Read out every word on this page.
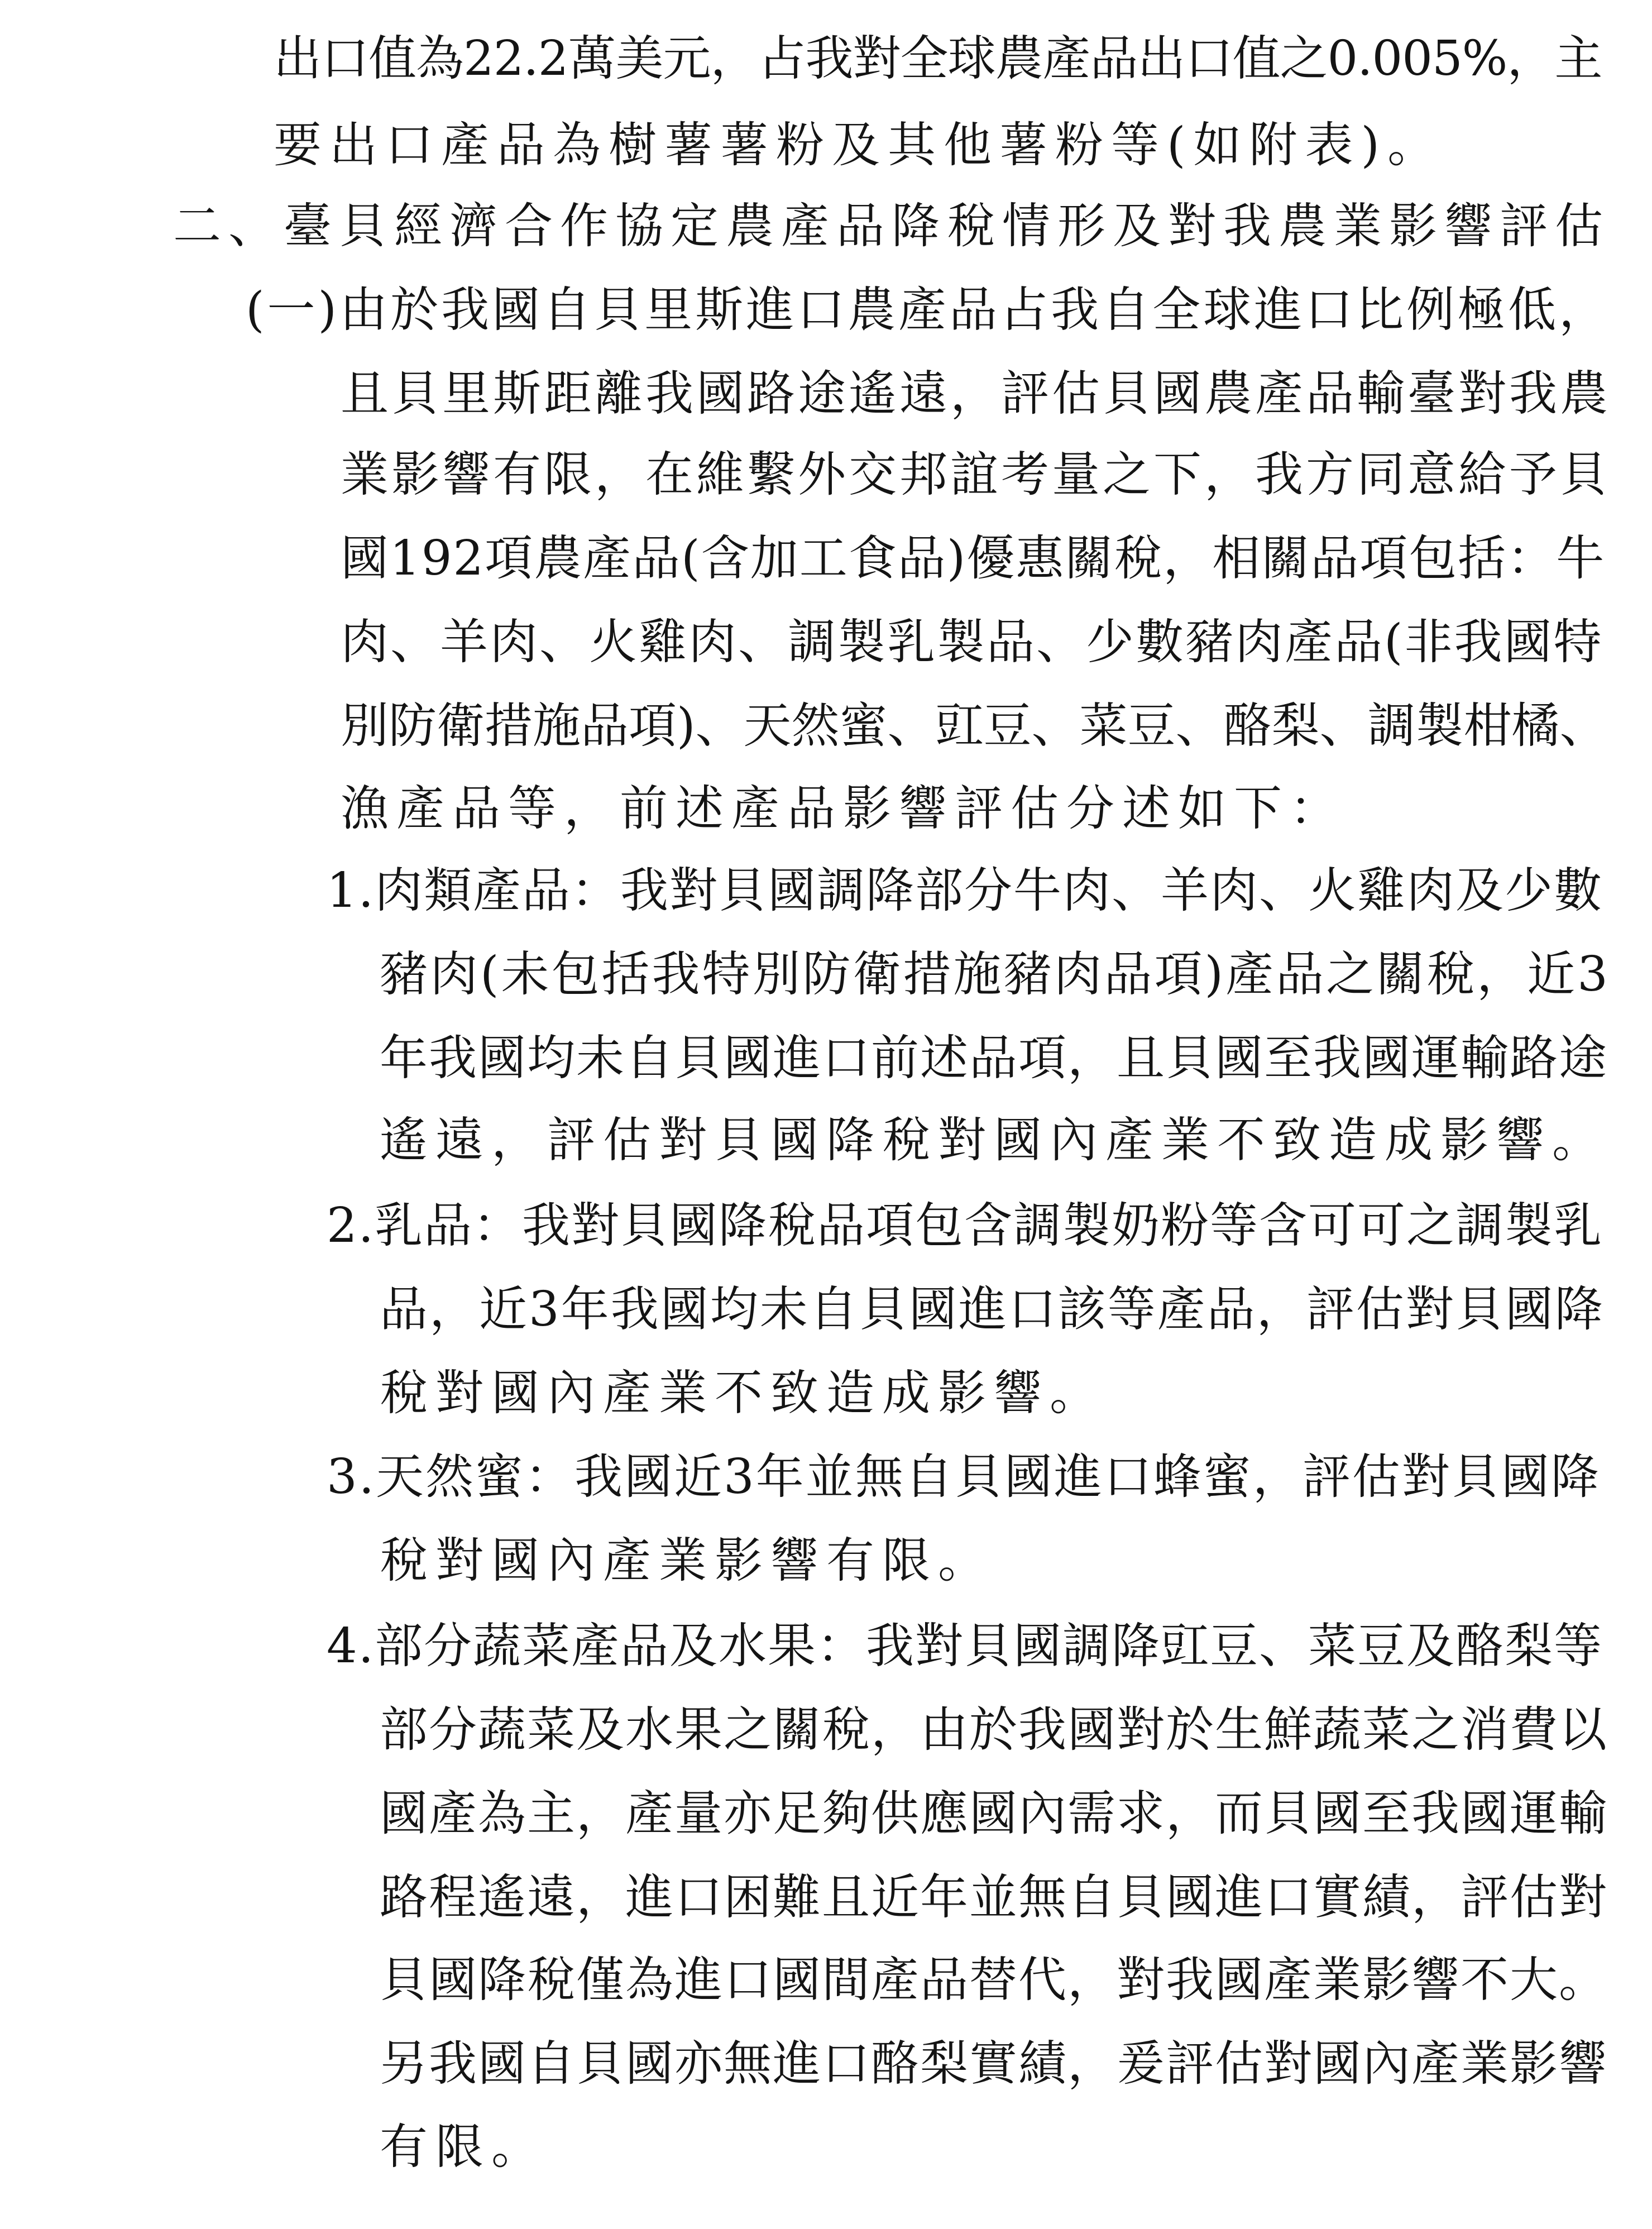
出口值為22.2萬美元，占我對全球農產品出口值之0.005%，主
要出口產品為樹薯薯粉及其他薯粉等(如附表)。
二、臺貝經濟合作協定農產品降稅情形及對我農業影響評估
(一)由於我國自貝里斯進口農產品占我自全球進口比例極低，
且貝里斯距離我國路途遙遠，評估貝國農產品輸臺對我農
業影響有限，在維繫外交邦誼考量之下，我方同意給予貝
國192項農產品(含加工食品)優惠關稅，相關品項包括：牛
肉、羊肉、火雞肉、調製乳製品、少數豬肉產品(非我國特
別防衛措施品項)、天然蜜、豇豆、菜豆、酪梨、調製柑橘、
漁產品等，前述產品影響評估分述如下：
1.肉類產品：我對貝國調降部分牛肉、羊肉、火雞肉及少數
豬肉(未包括我特別防衛措施豬肉品項)產品之關稅，近3
年我國均未自貝國進口前述品項，且貝國至我國運輸路途
遙遠，評估對貝國降稅對國內產業不致造成影響。
2.乳品：我對貝國降稅品項包含調製奶粉等含可可之調製乳
品，近3年我國均未自貝國進口該等產品，評估對貝國降
稅對國內產業不致造成影響。
3.天然蜜：我國近3年並無自貝國進口蜂蜜，評估對貝國降
稅對國內產業影響有限。
4.部分蔬菜產品及水果：我對貝國調降豇豆、菜豆及酪梨等
部分蔬菜及水果之關稅，由於我國對於生鮮蔬菜之消費以
國產為主，產量亦足夠供應國內需求，而貝國至我國運輸
路程遙遠，進口困難且近年並無自貝國進口實績，評估對
貝國降稅僅為進口國間產品替代，對我國產業影響不大。
另我國自貝國亦無進口酪梨實績，爰評估對國內產業影響
有限。
